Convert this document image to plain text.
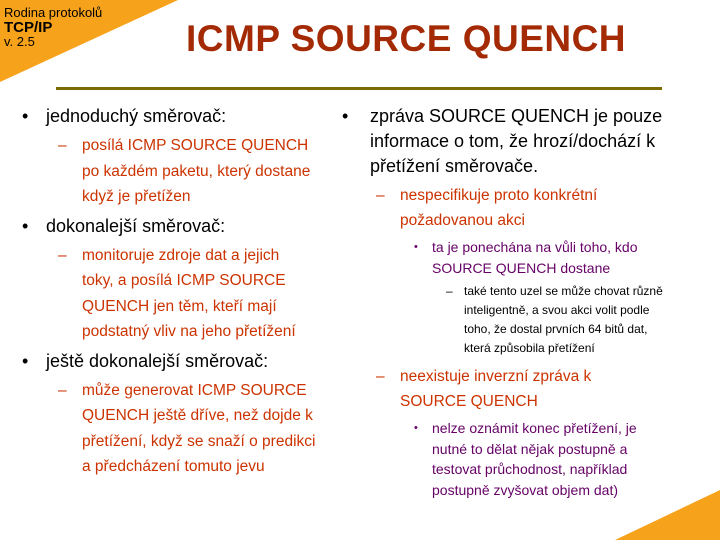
Rodina protokolů
TCP/IP
v. 2.5	ICMP SOURCE QUENCH
• jednoduchý směrovač:
– posílá ICMP SOURCE QUENCH
po každém paketu, který dostane
když je přetížen
• dokonalejší směrovač:
– monitoruje zdroje dat a jejich
toky, a posílá ICMP SOURCE
QUENCH jen těm, kteří mají
podstatný vliv na jeho přetížení
• ještě dokonalejší směrovač:
– může generovat ICMP SOURCE
QUENCH ještě dříve, než dojde k
přetížení, když se snaží o predikci
a předcházení tomuto jevu
• zpráva SOURCE QUENCH je pouze
informace o tom, že hrozí/dochází k
přetížení směrovače.
– nespecifikuje proto konkrétní
požadovanou akci
• ta je ponechána na vůli toho, kdo
SOURCE QUENCH dostane
– také tento uzel se může chovat různě
inteligentně, a svou akci volit podle
toho, že dostal prvních 64 bitů dat,
která způsobila přetížení
– neexistuje inverzní zpráva k
SOURCE QUENCH
• nelze oznámit konec přetížení, je
nutné to dělat nějak postupně a
testovat průchodnost, například
postupně zvyšovat objem dat)
